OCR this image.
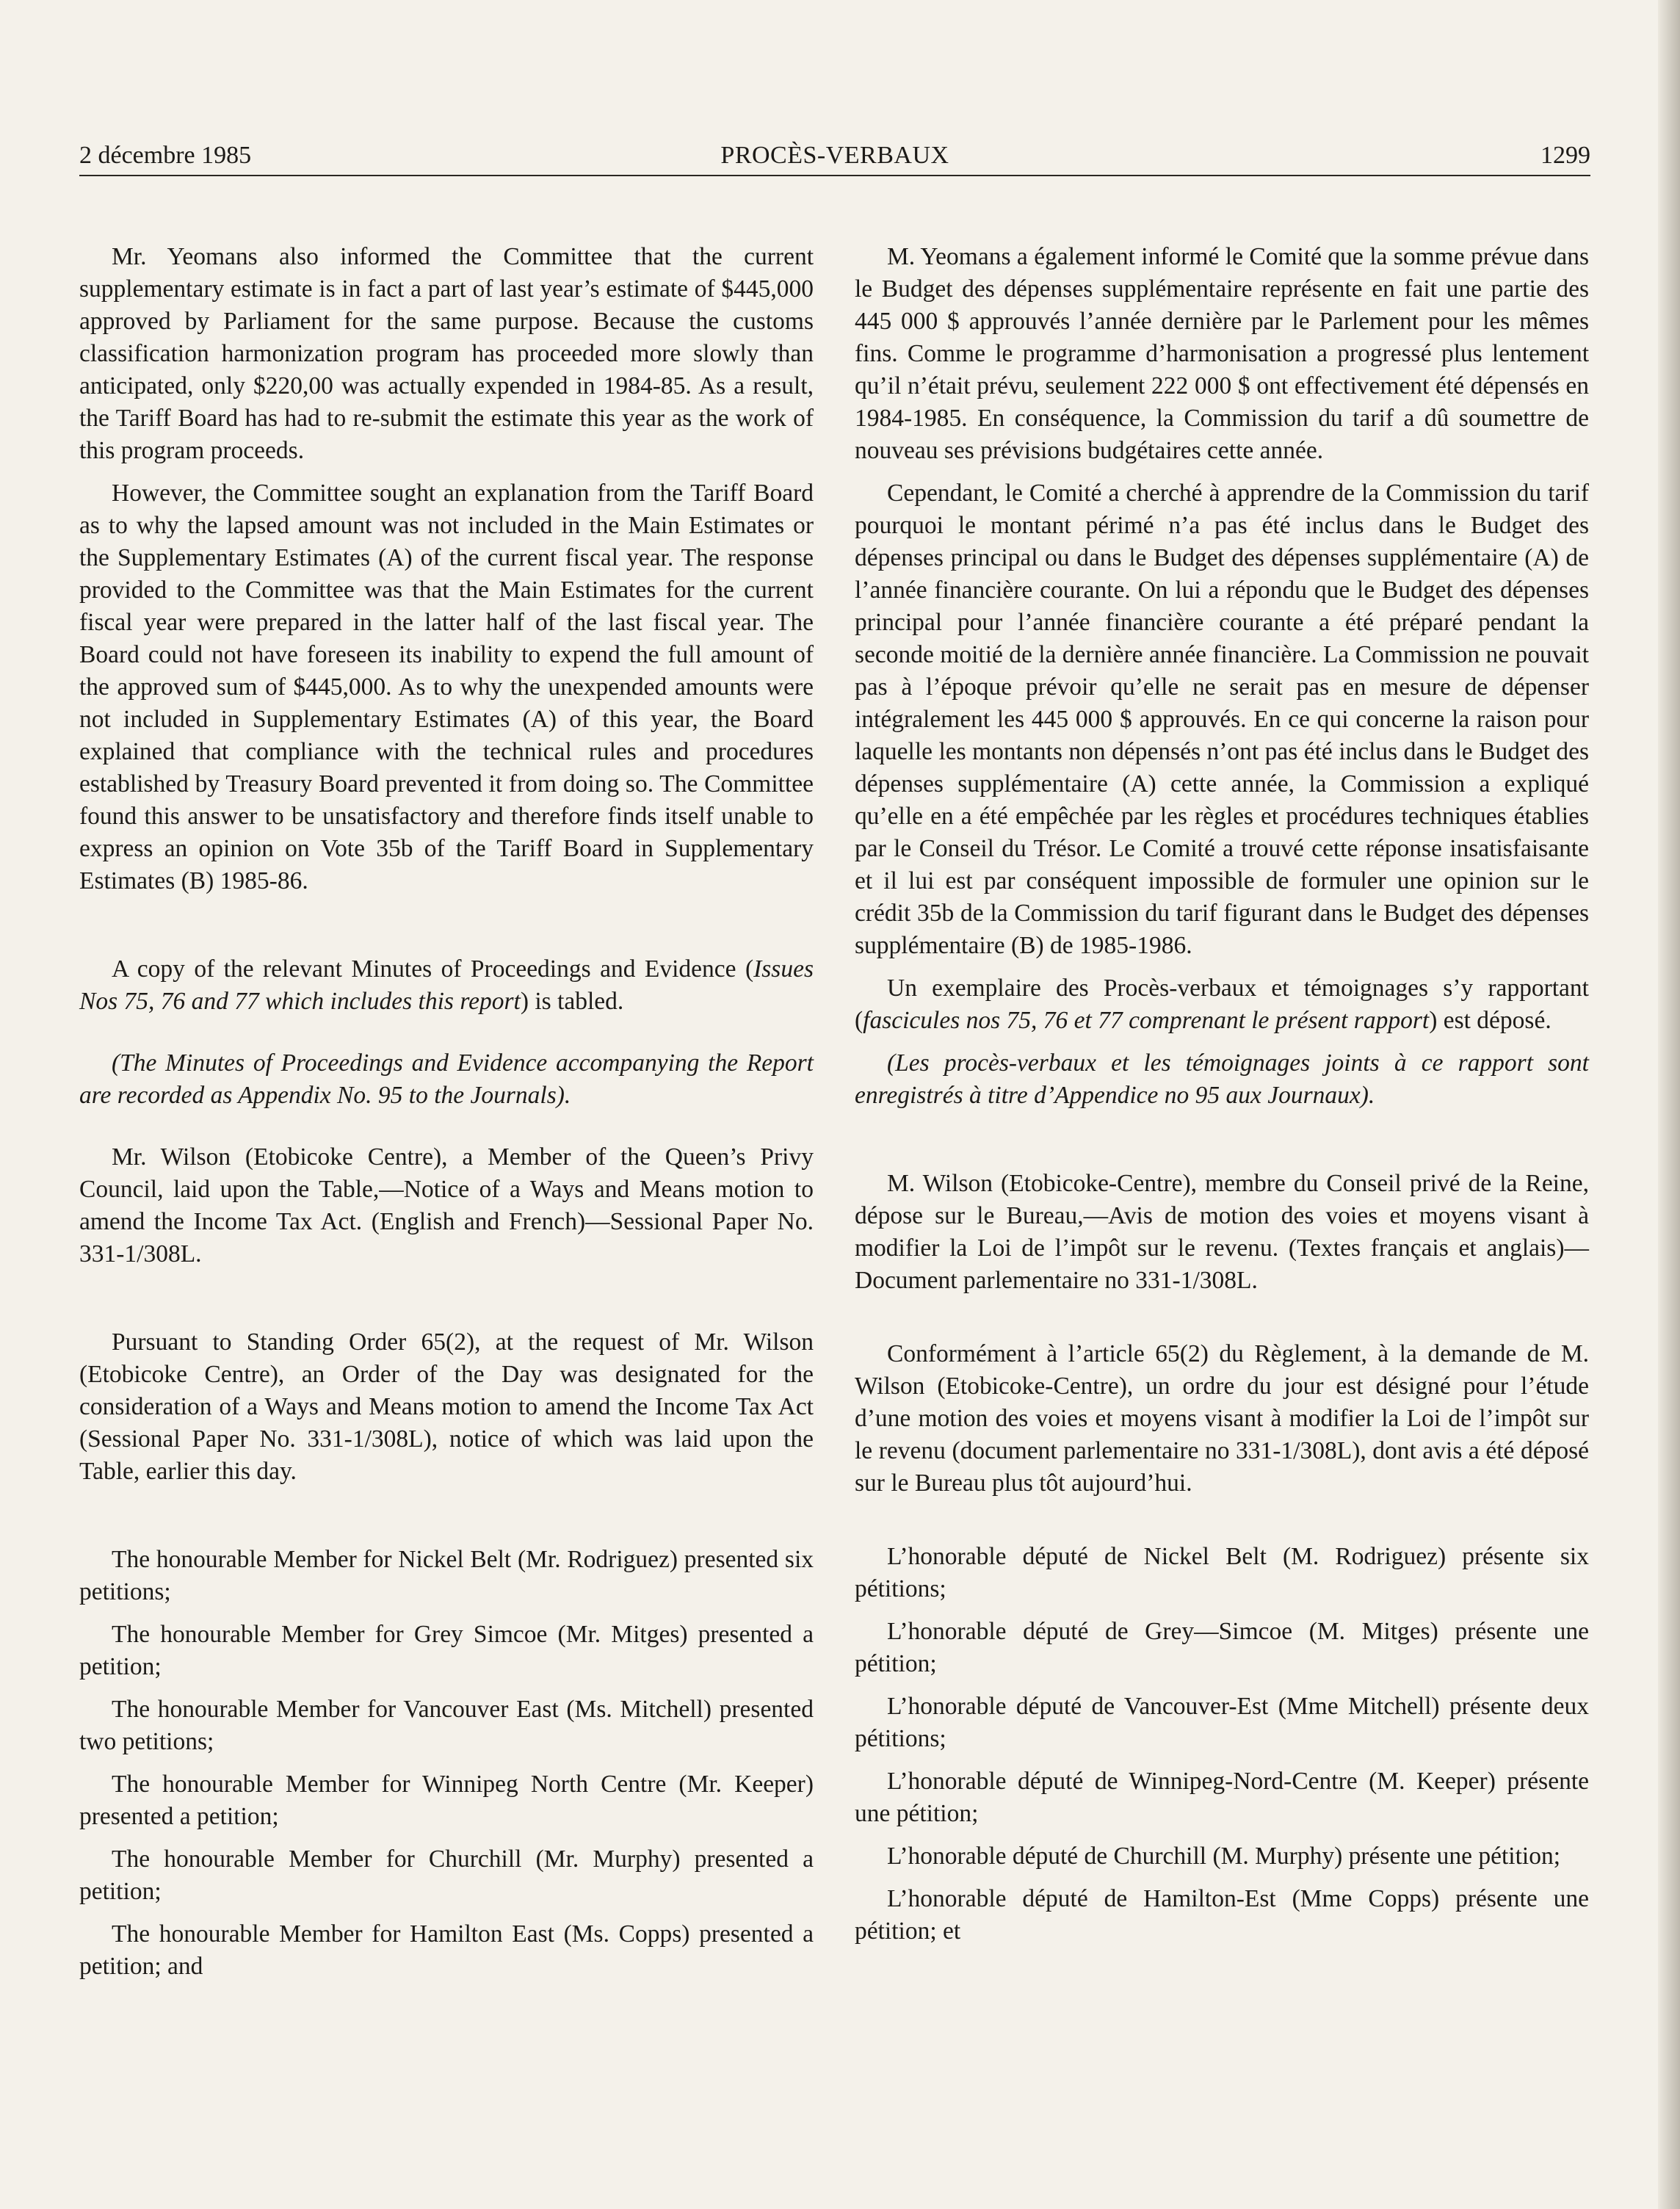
2 décembre 1985	PROCÈS-VERBAUX	1299

Mr. Yeomans also informed the Committee that the current supplementary estimate is in fact a part of last year’s estimate of $445,000 approved by Parliament for the same purpose. Because the customs classification harmonization program has proceeded more slowly than anticipated, only $220,00 was actually expended in 1984-85. As a result, the Tariff Board has had to re-submit the estimate this year as the work of this program proceeds.

However, the Committee sought an explanation from the Tariff Board as to why the lapsed amount was not included in the Main Estimates or the Supplementary Estimates (A) of the current fiscal year. The response provided to the Committee was that the Main Estimates for the current fiscal year were prepared in the latter half of the last fiscal year. The Board could not have foreseen its inability to expend the full amount of the approved sum of $445,000. As to why the unexpended amounts were not included in Supplementary Estimates (A) of this year, the Board explained that compliance with the technical rules and procedures established by Treasury Board prevented it from doing so. The Committee found this answer to be unsatisfactory and therefore finds itself unable to express an opinion on Vote 35b of the Tariff Board in Supplementary Estimates (B) 1985-86.

A copy of the relevant Minutes of Proceedings and Evidence (Issues Nos 75, 76 and 77 which includes this report) is tabled.

(The Minutes of Proceedings and Evidence accompanying the Report are recorded as Appendix No. 95 to the Journals).

Mr. Wilson (Etobicoke Centre), a Member of the Queen’s Privy Council, laid upon the Table,—Notice of a Ways and Means motion to amend the Income Tax Act. (English and French)—Sessional Paper No. 331-1/308L.

Pursuant to Standing Order 65(2), at the request of Mr. Wilson (Etobicoke Centre), an Order of the Day was designated for the consideration of a Ways and Means motion to amend the Income Tax Act (Sessional Paper No. 331-1/308L), notice of which was laid upon the Table, earlier this day.

The honourable Member for Nickel Belt (Mr. Rodriguez) presented six petitions;

The honourable Member for Grey Simcoe (Mr. Mitges) presented a petition;

The honourable Member for Vancouver East (Ms. Mitchell) presented two petitions;

The honourable Member for Winnipeg North Centre (Mr. Keeper) presented a petition;

The honourable Member for Churchill (Mr. Murphy) presented a petition;

The honourable Member for Hamilton East (Ms. Copps) presented a petition; and

M. Yeomans a également informé le Comité que la somme prévue dans le Budget des dépenses supplémentaire représente en fait une partie des 445 000 $ approuvés l’année dernière par le Parlement pour les mêmes fins. Comme le programme d’harmonisation a progressé plus lentement qu’il n’était prévu, seulement 222 000 $ ont effectivement été dépensés en 1984-1985. En conséquence, la Commission du tarif a dû soumettre de nouveau ses prévisions budgétaires cette année.

Cependant, le Comité a cherché à apprendre de la Commission du tarif pourquoi le montant périmé n’a pas été inclus dans le Budget des dépenses principal ou dans le Budget des dépenses supplémentaire (A) de l’année financière courante. On lui a répondu que le Budget des dépenses principal pour l’année financière courante a été préparé pendant la seconde moitié de la dernière année financière. La Commission ne pouvait pas à l’époque prévoir qu’elle ne serait pas en mesure de dépenser intégralement les 445 000 $ approuvés. En ce qui concerne la raison pour laquelle les montants non dépensés n’ont pas été inclus dans le Budget des dépenses supplémentaire (A) cette année, la Commission a expliqué qu’elle en a été empêchée par les règles et procédures techniques établies par le Conseil du Trésor. Le Comité a trouvé cette réponse insatisfaisante et il lui est par conséquent impossible de formuler une opinion sur le crédit 35b de la Commission du tarif figurant dans le Budget des dépenses supplémentaire (B) de 1985-1986.

Un exemplaire des Procès-verbaux et témoignages s’y rapportant (fascicules nos 75, 76 et 77 comprenant le présent rapport) est déposé.

(Les procès-verbaux et les témoignages joints à ce rapport sont enregistrés à titre d’Appendice no 95 aux Journaux).

M. Wilson (Etobicoke-Centre), membre du Conseil privé de la Reine, dépose sur le Bureau,—Avis de motion des voies et moyens visant à modifier la Loi de l’impôt sur le revenu. (Textes français et anglais)—Document parlementaire no 331-1/308L.

Conformément à l’article 65(2) du Règlement, à la demande de M. Wilson (Etobicoke-Centre), un ordre du jour est désigné pour l’étude d’une motion des voies et moyens visant à modifier la Loi de l’impôt sur le revenu (document parlementaire no 331-1/308L), dont avis a été déposé sur le Bureau plus tôt aujourd’hui.

L’honorable député de Nickel Belt (M. Rodriguez) présente six pétitions;

L’honorable député de Grey—Simcoe (M. Mitges) présente une pétition;

L’honorable député de Vancouver-Est (Mme Mitchell) présente deux pétitions;

L’honorable député de Winnipeg-Nord-Centre (M. Keeper) présente une pétition;

L’honorable député de Churchill (M. Murphy) présente une pétition;

L’honorable député de Hamilton-Est (Mme Copps) présente une pétition; et
